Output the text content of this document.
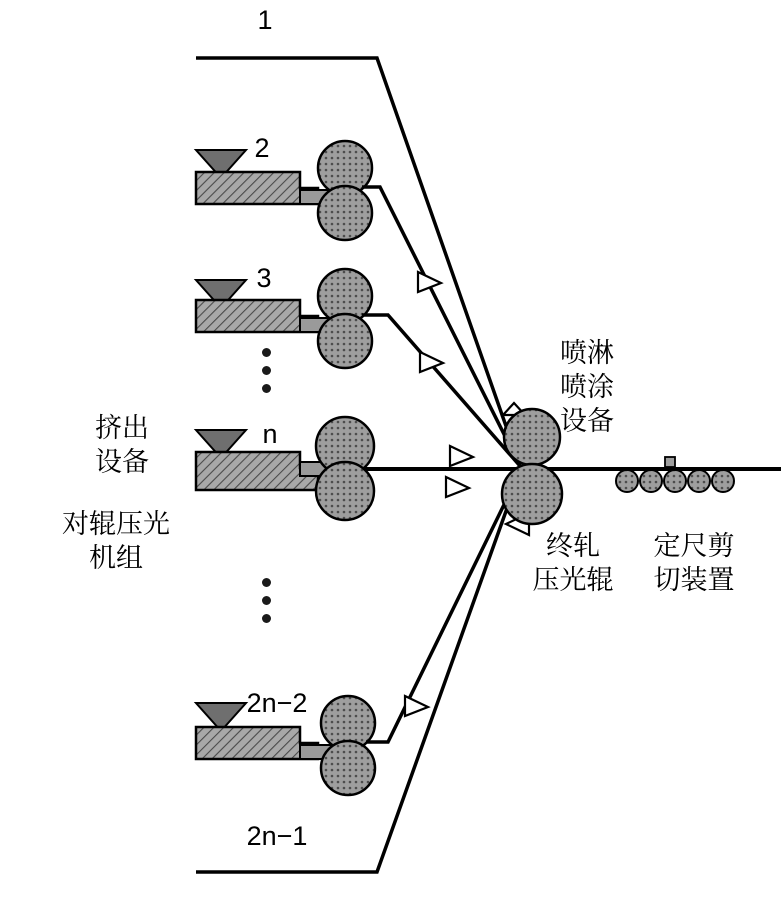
1
2
3
n
2n−2
2n−1
挤出
设备
对辊压光
机组
喷淋
喷涂
设备
终轧
压光辊
定尺剪
切装置
